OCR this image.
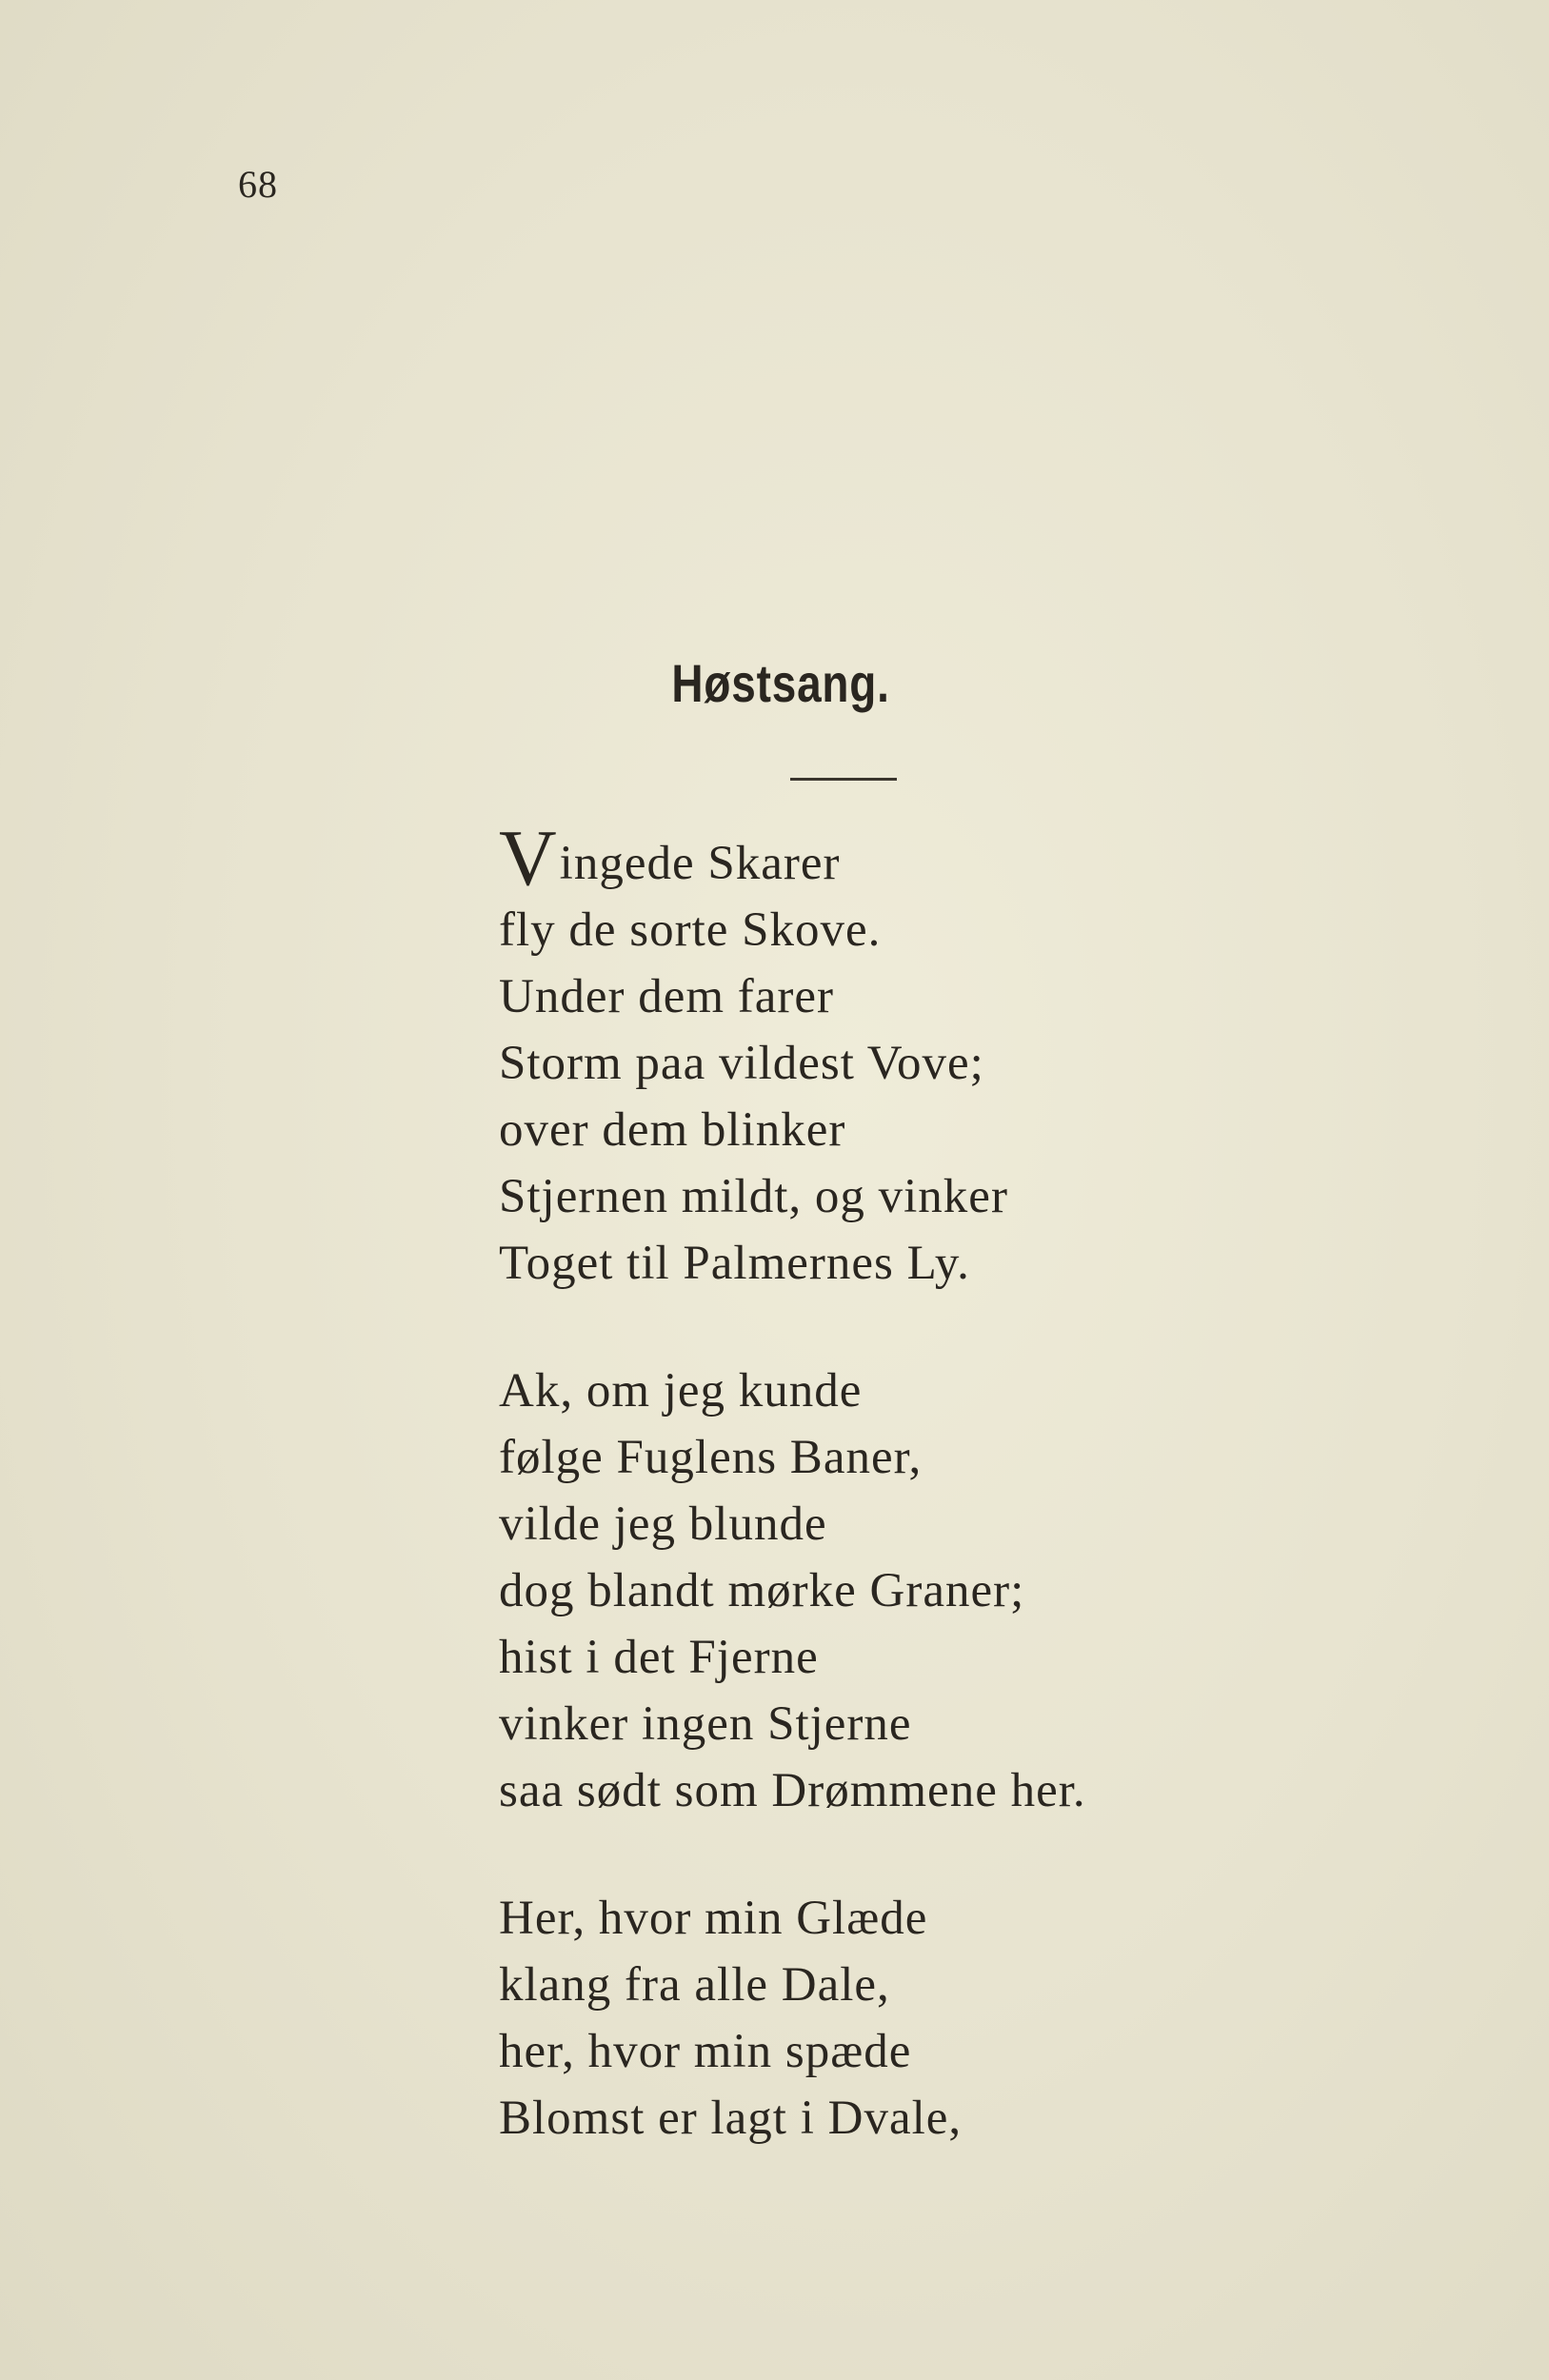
68
Høstsang.
Vingede Skarer
fly de sorte Skove.
Under dem farer
Storm paa vildest Vove;
over dem blinker
Stjernen mildt, og vinker
Toget til Palmernes Ly.
Ak, om jeg kunde
følge Fuglens Baner,
vilde jeg blunde
dog blandt mørke Graner;
hist i det Fjerne
vinker ingen Stjerne
saa sødt som Drømmene her.
Her, hvor min Glæde
klang fra alle Dale,
her, hvor min spæde
Blomst er lagt i Dvale,
